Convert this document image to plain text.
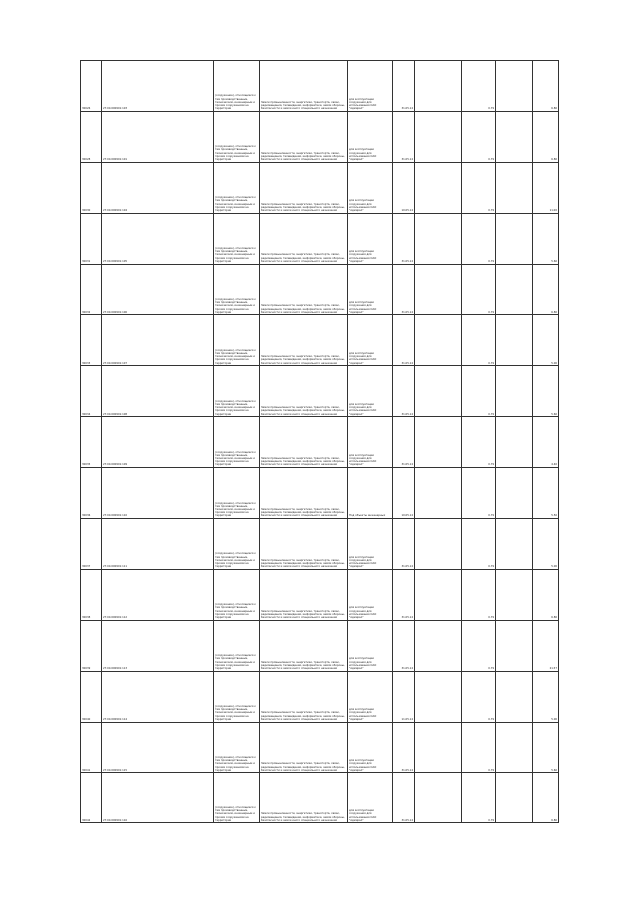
30026	27:04:000901:103	(сооружение), относящиеся к тем производственным, техническим, инженерным и прочим сооружениям на территории	Земли промышленности, энергетики, транспорта, связи, радиовещания, телевидения, информатики, земли обороны, безопасности и земли иного специального назначения	для эксплуатации сооружения для использования ОАО "Адмирал"	31.05.14		0.79		6.80
30028	27:04:000901:101	(сооружение), относящиеся к тем производственным, техническим, инженерным и прочим сооружениям на территории	Земли промышленности, энергетики, транспорта, связи, радиовещания, телевидения, информатики, земли обороны, безопасности и земли иного специального назначения	для эксплуатации сооружения для использования ОАО "Адмирал"	31.05.14		0.79		6.80
30030	27:04:000901:104	(сооружение), относящиеся к тем производственным, техническим, инженерным и прочим сооружениям на территории	Земли промышленности, энергетики, транспорта, связи, радиовещания, телевидения, информатики, земли обороны, безопасности и земли иного специального назначения	для эксплуатации сооружения для использования ОАО "Адмирал"	10.05.14		0.79		11.00
30031	27:04:000901:105	(сооружение), относящиеся к тем производственным, техническим, инженерным и прочим сооружениям на территории	Земли промышленности, энергетики, транспорта, связи, радиовещания, телевидения, информатики, земли обороны, безопасности и земли иного специального назначения	для эксплуатации сооружения для использования ОАО "Адмирал"	31.05.14		0.79		5.60
30032	27:04:000901:106	(сооружение), относящиеся к тем производственным, техническим, инженерным и прочим сооружениям на территории	Земли промышленности, энергетики, транспорта, связи, радиовещания, телевидения, информатики, земли обороны, безопасности и земли иного специального назначения	для эксплуатации сооружения для использования ОАО "Адмирал"	31.05.14		0.79		6.80
30033	27:04:000901:107	(сооружение), относящиеся к тем производственным, техническим, инженерным и прочим сооружениям на территории	Земли промышленности, энергетики, транспорта, связи, радиовещания, телевидения, информатики, земли обороны, безопасности и земли иного специального назначения	для эксплуатации сооружения для использования ОАО "Адмирал"	31.05.14		0.79		5.00
30034	27:04:000901:108	(сооружение), относящиеся к тем производственным, техническим, инженерным и прочим сооружениям на территории	Земли промышленности, энергетики, транспорта, связи, радиовещания, телевидения, информатики, земли обороны, безопасности и земли иного специального назначения	для эксплуатации сооружения для использования ОАО "Адмирал"	31.05.14		0.79		5.60
30035	27:04:000901:109	(сооружение), относящиеся к тем производственным, техническим, инженерным и прочим сооружениям на территории	Земли промышленности, энергетики, транспорта, связи, радиовещания, телевидения, информатики, земли обороны, безопасности и земли иного специального назначения	для эксплуатации сооружения для использования ОАО "Адмирал"	31.05.14		0.79		4.40
30036	27:04:000901:110	(сооружение), относящиеся к тем производственным, техническим, инженерным и прочим сооружениям на территории	Земли промышленности, энергетики, транспорта, связи, радиовещания, телевидения, информатики, земли обороны, безопасности и земли иного специального назначения	Под объекты инженерных	10.05.14		0.79		5.50
30037	27:04:000901:111	(сооружение), относящиеся к тем производственным, техническим, инженерным и прочим сооружениям на территории	Земли промышленности, энергетики, транспорта, связи, радиовещания, телевидения, информатики, земли обороны, безопасности и земли иного специального назначения	для эксплуатации сооружения для использования ОАО "Адмирал"	31.05.14		0.79		5.00
30038	27:04:000901:112	(сооружение), относящиеся к тем производственным, техническим, инженерным и прочим сооружениям на территории	Земли промышленности, энергетики, транспорта, связи, радиовещания, телевидения, информатики, земли обороны, безопасности и земли иного специального назначения	для эксплуатации сооружения для использования ОАО "Адмирал"	31.05.14		0.79		6.80
30039	27:04:000901:113	(сооружение), относящиеся к тем производственным, техническим, инженерным и прочим сооружениям на территории	Земли промышленности, энергетики, транспорта, связи, радиовещания, телевидения, информатики, земли обороны, безопасности и земли иного специального назначения	для эксплуатации сооружения для использования ОАО "Адмирал"	31.05.14		0.79		21.57
30040	27:04:000901:114	(сооружение), относящиеся к тем производственным, техническим, инженерным и прочим сооружениям на территории	Земли промышленности, энергетики, транспорта, связи, радиовещания, телевидения, информатики, земли обороны, безопасности и земли иного специального назначения	для эксплуатации сооружения для использования ОАО "Адмирал"	11.05.14		0.79		5.00
30041	27:04:000901:115	(сооружение), относящиеся к тем производственным, техническим, инженерным и прочим сооружениям на территории	Земли промышленности, энергетики, транспорта, связи, радиовещания, телевидения, информатики, земли обороны, безопасности и земли иного специального назначения	для эксплуатации сооружения для использования ОАО "Адмирал"	31.05.14		0.79		5.60
30042	27:04:000901:116	(сооружение), относящиеся к тем производственным, техническим, инженерным и прочим сооружениям на территории	Земли промышленности, энергетики, транспорта, связи, радиовещания, телевидения, информатики, земли обороны, безопасности и земли иного специального назначения	для эксплуатации сооружения для использования ОАО "Адмирал"	31.05.14		0.79		6.80
